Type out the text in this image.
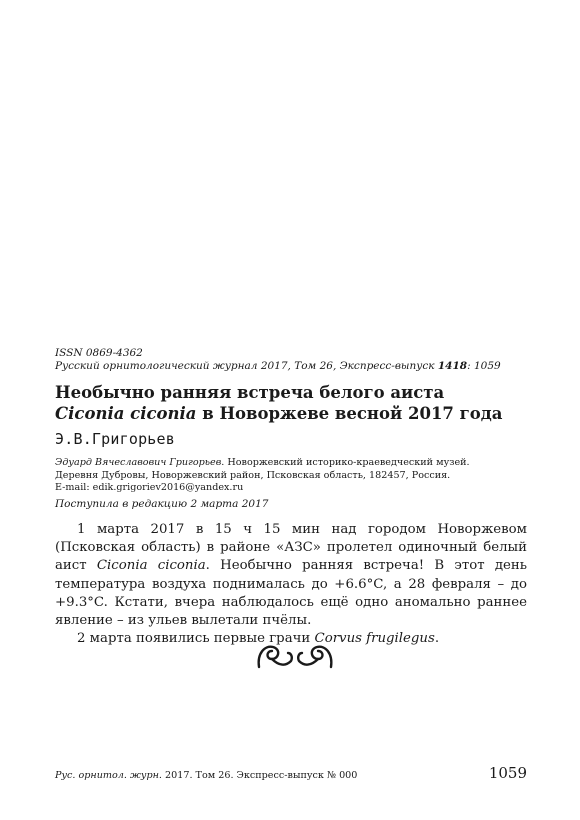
ISSN 0869-4362
Русский орнитологический журнал 2017, Том 26, Экспресс-выпуск 1418: 1059
Необычно ранняя встреча белого аиста
Ciconia ciconia в Новоржеве весной 2017 года
Э.В.Григорьев
Эдуард Вячеславович Григорьев. Новоржевский историко-краеведческий музей.
Деревня Дубровы, Новоржевский район, Псковская область, 182457, Россия.
E-mail: edik.grigoriev2016@yandex.ru
Поступила в редакцию 2 марта 2017

1 марта 2017 в 15 ч 15 мин над городом Новоржевом (Псковская область) в районе «АЗС» пролетел одиночный белый аист Ciconia ciconia. Необычно ранняя встреча! В этот день температура воздуха поднималась до +6.6°C, а 28 февраля – до +9.3°C. Кстати, вчера наблюдалось ещё одно аномально раннее явление – из ульев вылетали пчёлы.

2 марта появились первые грачи Corvus frugilegus.

Рус. орнитол. журн. 2017. Том 26. Экспресс-выпуск № 000	1059
